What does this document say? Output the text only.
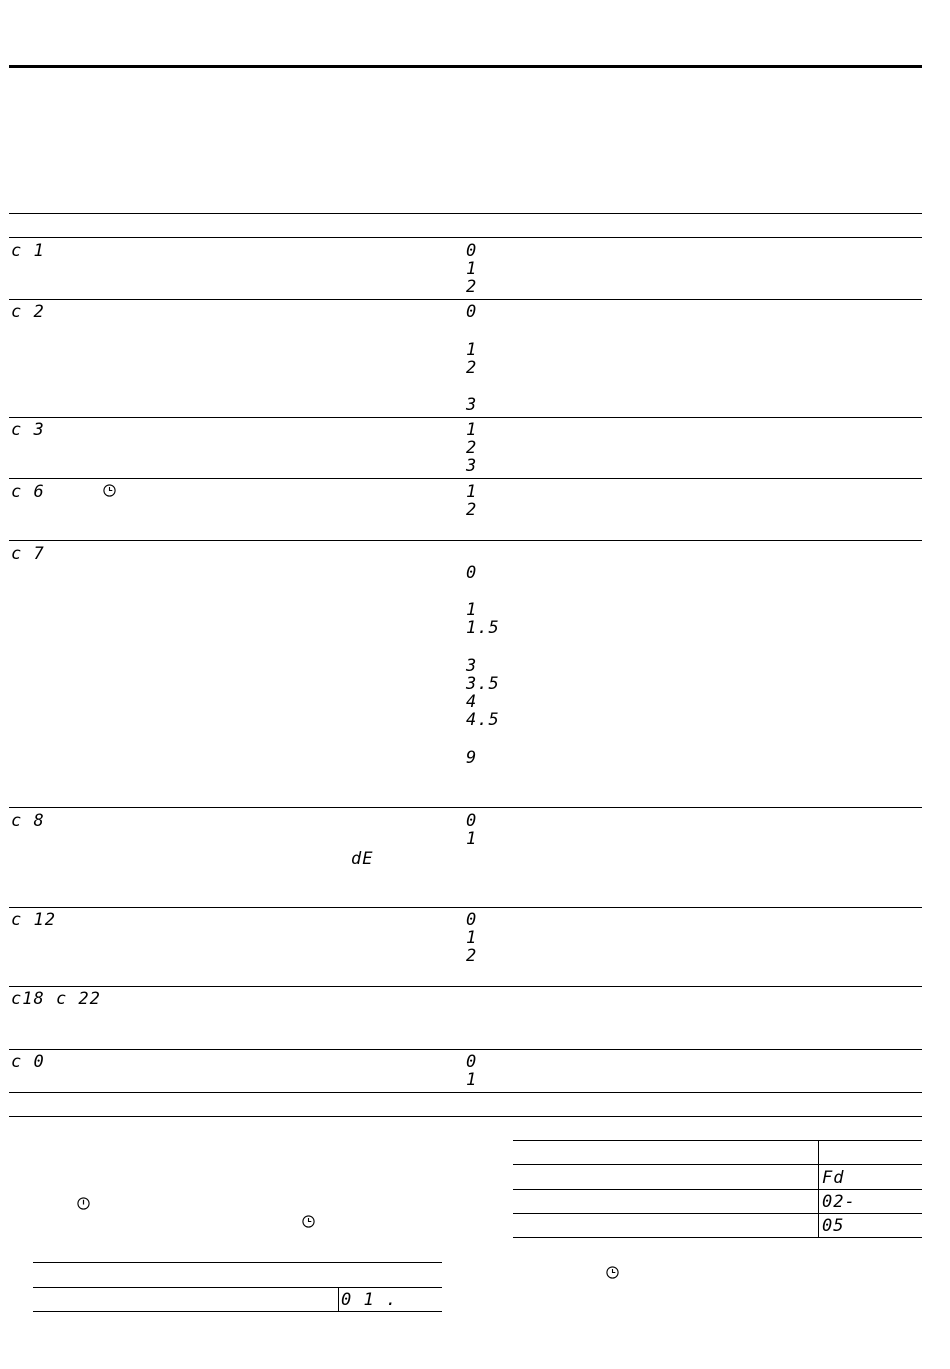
c 1	0
1
2
c 2	0
1
2
3
c 3	1
2
3
c 6	1
2
c 7
0
1
1.5
3
3.5
4
4.5
9
c 8	0
1
dE
c 12	0
1
2
c18 c 22
c 0	0
1
0 1 .
Fd
02-
05
